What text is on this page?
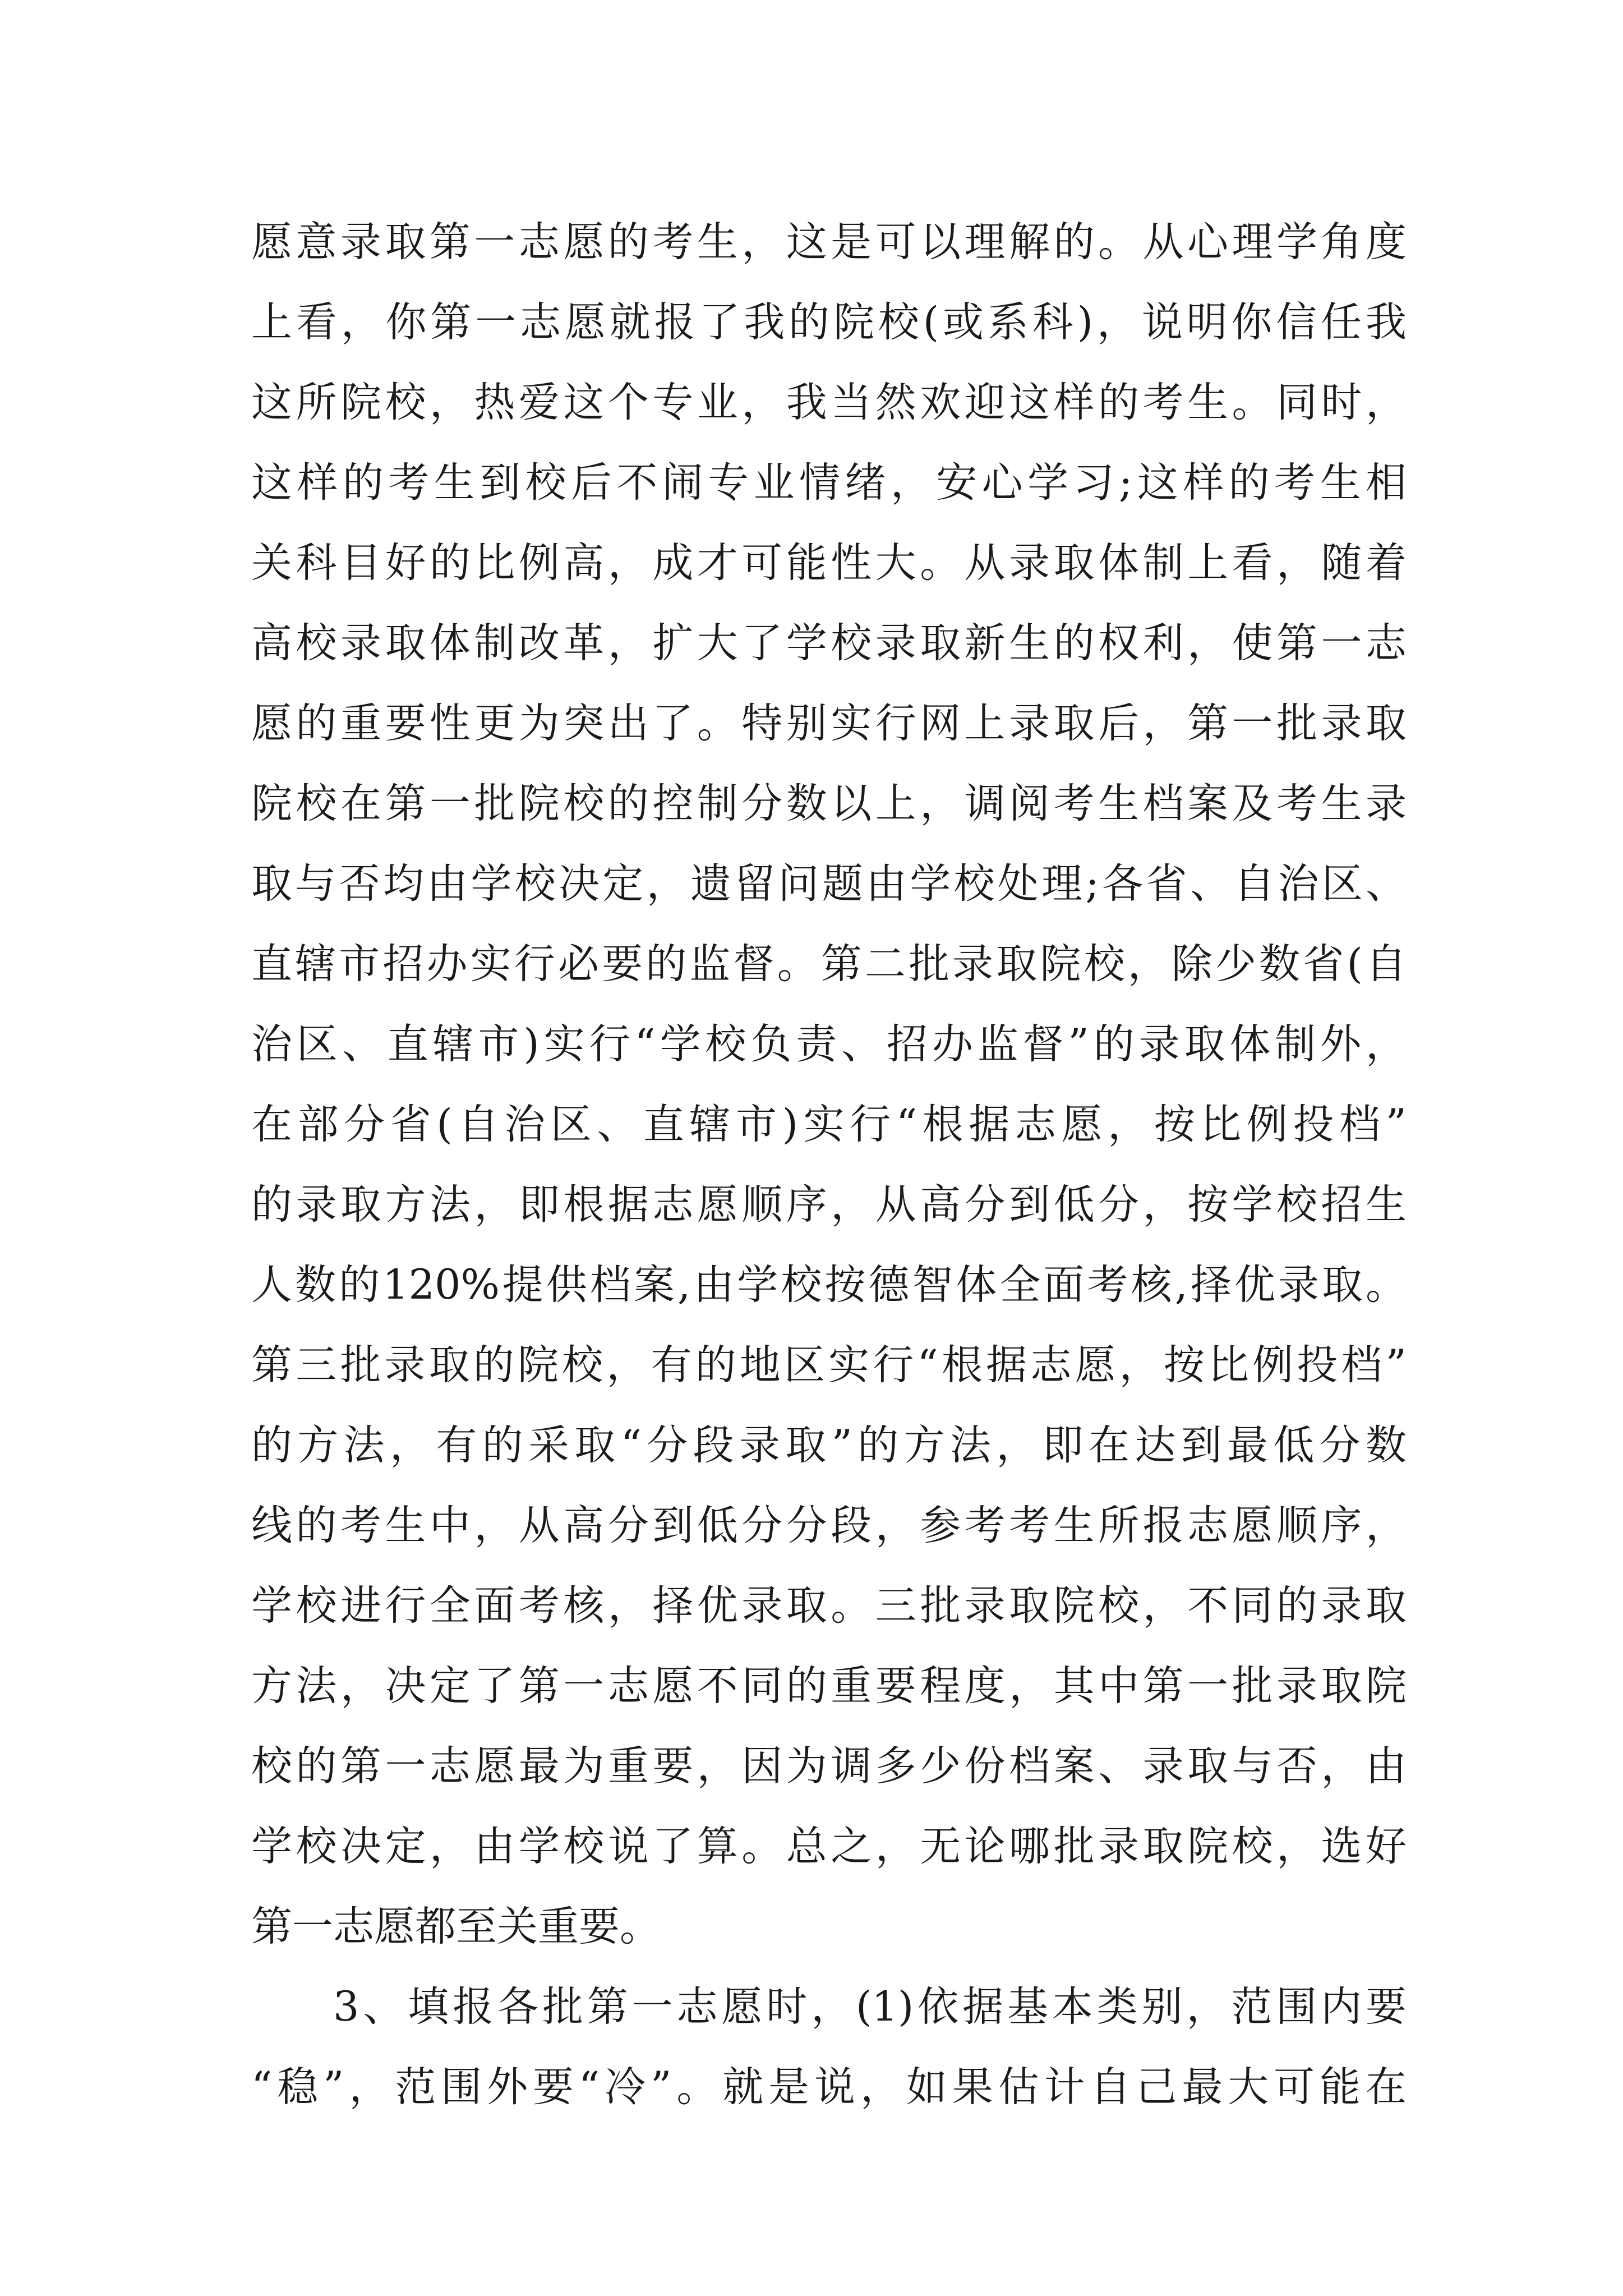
愿意录取第一志愿的考生，这是可以理解的。从心理学角度
上看，你第一志愿就报了我的院校(或系科)，说明你信任我
这所院校，热爱这个专业，我当然欢迎这样的考生。同时，
这样的考生到校后不闹专业情绪，安心学习;这样的考生相
关科目好的比例高，成才可能性大。从录取体制上看，随着
高校录取体制改革，扩大了学校录取新生的权利，使第一志
愿的重要性更为突出了。特别实行网上录取后，第一批录取
院校在第一批院校的控制分数以上，调阅考生档案及考生录
取与否均由学校决定，遗留问题由学校处理;各省、自治区、
直辖市招办实行必要的监督。第二批录取院校，除少数省(自
治区、直辖市)实行“学校负责、招办监督”的录取体制外，
在部分省(自治区、直辖市)实行“根据志愿，按比例投档”
的录取方法，即根据志愿顺序，从高分到低分，按学校招生
人数的120%提供档案,由学校按德智体全面考核,择优录取。
第三批录取的院校，有的地区实行“根据志愿，按比例投档”
的方法，有的采取“分段录取”的方法，即在达到最低分数
线的考生中，从高分到低分分段，参考考生所报志愿顺序，
学校进行全面考核，择优录取。三批录取院校，不同的录取
方法，决定了第一志愿不同的重要程度，其中第一批录取院
校的第一志愿最为重要，因为调多少份档案、录取与否，由
学校决定，由学校说了算。总之，无论哪批录取院校，选好
第一志愿都至关重要。
3、填报各批第一志愿时，(1)依据基本类别，范围内要
“稳”，范围外要“冷”。就是说，如果估计自己最大可能在
